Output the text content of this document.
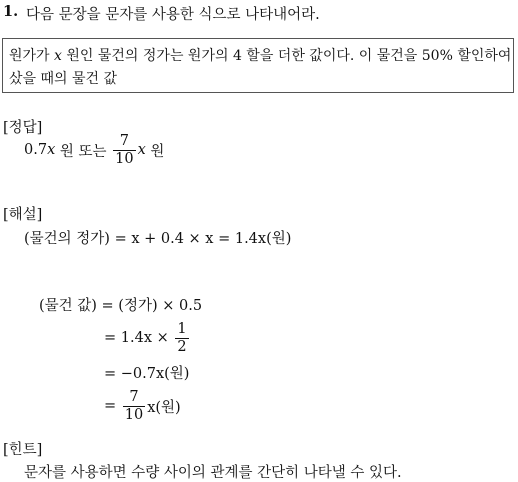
1. 다음 문장을 문자를 사용한 식으로 나타내어라.
원가가 x 원인 물건의 정가는 원가의 4 할을 더한 값이다. 이 물건을 50% 할인하여
샀을 때의 물건 값
[정답]
0.7 x
원 또는
$\frac{7}{10}$ x
원
[해설]
(물건의 정가) = x + 0.4 × x = 1.4x(원)
(물건 값) = (정가) × 0.5
= 1.4x ×
$\frac{1}{2}$
= −0.7x(원)
=
$\frac{7}{10} x$(원)
[힌트]
문자를 사용하면 수량 사이의 관계를 간단히 나타낼 수 있다.
